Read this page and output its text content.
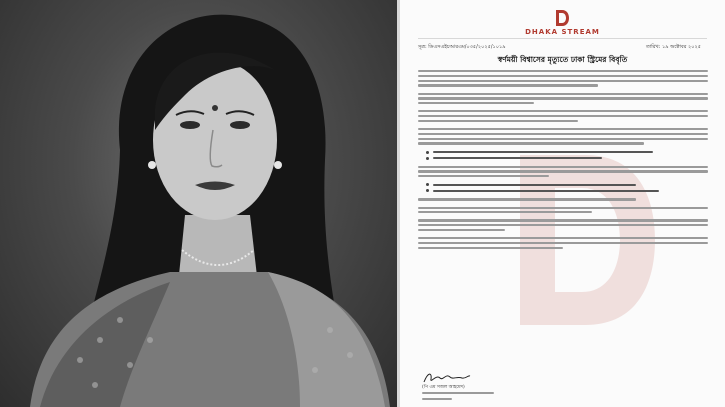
DHAKA STREAM
সূত্র: ডিএসএইচআরএম/০৩৫/২০২৫/১০১৯	তারিখ: ১৯ অক্টোবর ২০২৫
স্বর্ণময়ী বিশ্বাসের মৃত্যুতে ঢাকা স্ট্রিমের বিবৃতি
(পি এম সজল আহমেদ)
